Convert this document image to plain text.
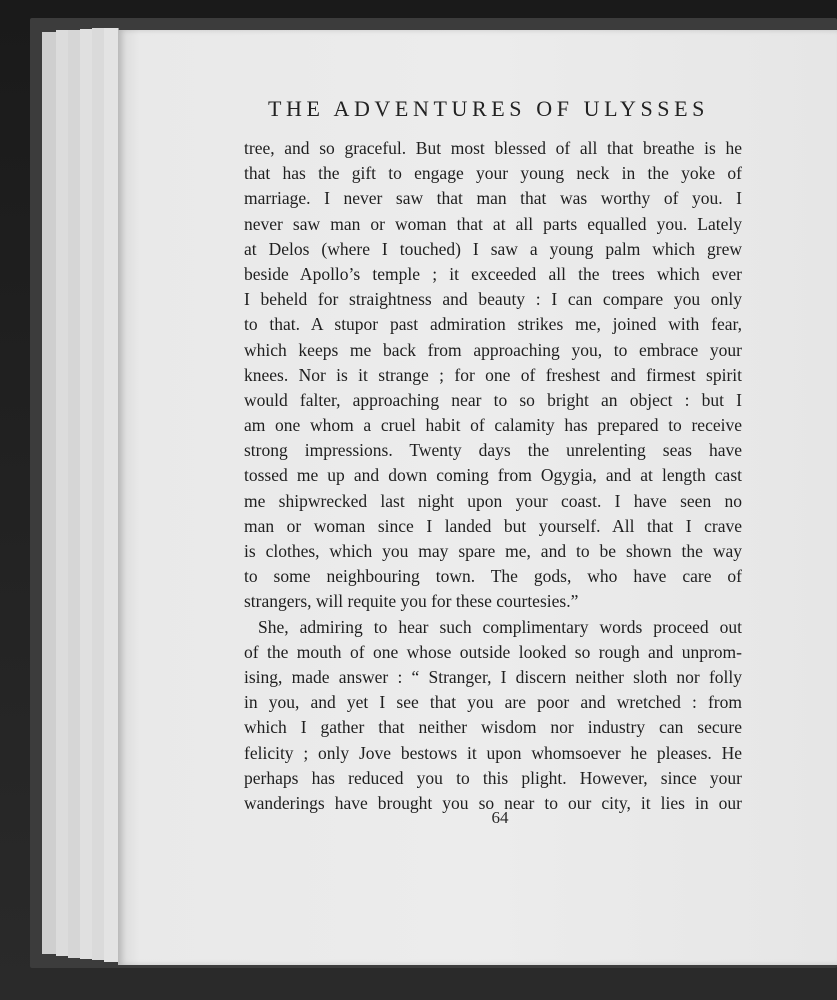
THE ADVENTURES OF ULYSSES
tree, and so graceful. But most blessed of all that breathe is he
that has the gift to engage your young neck in the yoke of
marriage. I never saw that man that was worthy of you. I
never saw man or woman that at all parts equalled you. Lately
at Delos (where I touched) I saw a young palm which grew
beside Apollo’s temple ; it exceeded all the trees which ever
I beheld for straightness and beauty : I can compare you only
to that. A stupor past admiration strikes me, joined with fear,
which keeps me back from approaching you, to embrace your
knees. Nor is it strange ; for one of freshest and firmest spirit
would falter, approaching near to so bright an object : but I
am one whom a cruel habit of calamity has prepared to receive
strong impressions. Twenty days the unrelenting seas have
tossed me up and down coming from Ogygia, and at length cast
me shipwrecked last night upon your coast. I have seen no
man or woman since I landed but yourself. All that I crave
is clothes, which you may spare me, and to be shown the way
to some neighbouring town. The gods, who have care of
strangers, will requite you for these courtesies.”
She, admiring to hear such complimentary words proceed out
of the mouth of one whose outside looked so rough and unprom-
ising, made answer : “ Stranger, I discern neither sloth nor folly
in you, and yet I see that you are poor and wretched : from
which I gather that neither wisdom nor industry can secure
felicity ; only Jove bestows it upon whomsoever he pleases. He
perhaps has reduced you to this plight. However, since your
wanderings have brought you so near to our city, it lies in our
64
